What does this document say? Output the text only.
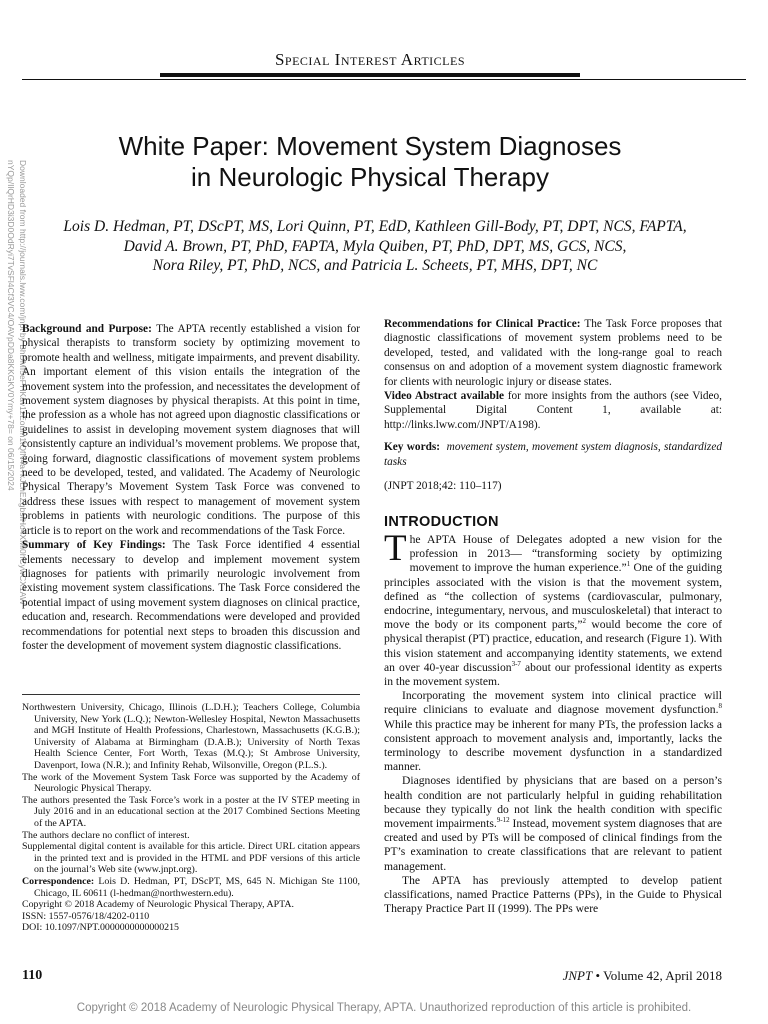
Downloaded from http://journals.lww.com/jnpt by BhDMf5ePHKav1zEoum1tQfN4a+kJLhEZgbsIHo4XMi0hCywCX1AW
nYQp/IlQrHD3i3D0OdRyi7TvSFl4Cf3VC4/OAVpDDa8KKGKV0Ymy+78= on 06/15/2024
Special Interest Articles
White Paper: Movement System Diagnoses
in Neurologic Physical Therapy
Lois D. Hedman, PT, DScPT, MS, Lori Quinn, PT, EdD, Kathleen Gill-Body, PT, DPT, NCS, FAPTA,
David A. Brown, PT, PhD, FAPTA, Myla Quiben, PT, PhD, DPT, MS, GCS, NCS,
Nora Riley, PT, PhD, NCS, and Patricia L. Scheets, PT, MHS, DPT, NC

Background and Purpose: The APTA recently established a vision for physical therapists to transform society by optimizing movement to promote health and wellness, mitigate impairments, and prevent disability. An important element of this vision entails the integration of the movement system into the profession, and necessitates the development of movement system diagnoses by physical therapists. At this point in time, the profession as a whole has not agreed upon diagnostic classifications or guidelines to assist in developing movement system diagnoses that will consistently capture an individual’s movement problems. We propose that, going forward, diagnostic classifications of movement system problems need to be developed, tested, and validated. The Academy of Neurologic Physical Therapy’s Movement System Task Force was convened to address these issues with respect to management of movement system problems in patients with neurologic conditions. The purpose of this article is to report on the work and recommendations of the Task Force.

Summary of Key Findings: The Task Force identified 4 essential elements necessary to develop and implement movement system diagnoses for patients with primarily neurologic involvement from existing movement system classifications. The Task Force considered the potential impact of using movement system diagnoses on clinical practice, education and, research. Recommendations were developed and provided recommendations for potential next steps to broaden this discussion and foster the development of movement system diagnostic classifications.

Recommendations for Clinical Practice: The Task Force proposes that diagnostic classifications of movement system problems need to be developed, tested, and validated with the long-range goal to reach consensus on and adoption of a movement system diagnostic framework for clients with neurologic injury or disease states.

Video Abstract available for more insights from the authors (see Video, Supplemental Digital Content 1, available at: http://links.lww.com/JNPT/A198).

Key words: movement system, movement system diagnosis, standardized tasks

(JNPT 2018;42: 110–117)

Northwestern University, Chicago, Illinois (L.D.H.); Teachers College, Columbia University, New York (L.Q.); Newton-Wellesley Hospital, Newton Massachusetts and MGH Institute of Health Professions, Charlestown, Massachusetts (K.G.B.); University of Alabama at Birmingham (D.A.B.); University of North Texas Health Science Center, Fort Worth, Texas (M.Q.); St Ambrose University, Davenport, Iowa (N.R.); and Infinity Rehab, Wilsonville, Oregon (P.L.S.).

The work of the Movement System Task Force was supported by the Academy of Neurologic Physical Therapy.

The authors presented the Task Force’s work in a poster at the IV STEP meeting in July 2016 and in an educational section at the 2017 Combined Sections Meeting of the APTA.

The authors declare no conflict of interest.

Supplemental digital content is available for this article. Direct URL citation appears in the printed text and is provided in the HTML and PDF versions of this article on the journal’s Web site (www.jnpt.org).

Correspondence: Lois D. Hedman, PT, DScPT, MS, 645 N. Michigan Ste 1100, Chicago, IL 60611 (l-hedman@northwestern.edu).

Copyright © 2018 Academy of Neurologic Physical Therapy, APTA.

ISSN: 1557-0576/18/4202-0110

DOI: 10.1097/NPT.0000000000000215

INTRODUCTION

The APTA House of Delegates adopted a new vision for the profession in 2013— “transforming society by optimizing movement to improve the human experience.”$^1$ One of the guiding principles associated with the vision is that the movement system, defined as “the collection of systems (cardiovascular, pulmonary, endocrine, integumentary, nervous, and musculoskeletal) that interact to move the body or its component parts,”$^2$ would become the core of physical therapist (PT) practice, education, and research (Figure 1). With this vision statement and accompanying identity statements, we extend an over 40-year discussion$^{3-7}$ about our professional identity as experts in the movement system.

Incorporating the movement system into clinical practice will require clinicians to evaluate and diagnose movement dysfunction.$^8$ While this practice may be inherent for many PTs, the profession lacks a consistent approach to movement analysis and, importantly, lacks the terminology to describe movement dysfunction in a standardized manner.

Diagnoses identified by physicians that are based on a person’s health condition are not particularly helpful in guiding rehabilitation because they typically do not link the health condition with specific movement impairments.$^{9-12}$ Instead, movement system diagnoses that are created and used by PTs will be composed of clinical findings from the PT’s examination to create classifications that are relevant to patient management.

The APTA has previously attempted to develop patient classifications, named Practice Patterns (PPs), in the Guide to Physical Therapy Practice Part II (1999). The PPs were

110	JNPT • Volume 42, April 2018
Copyright © 2018 Academy of Neurologic Physical Therapy, APTA. Unauthorized reproduction of this article is prohibited.
